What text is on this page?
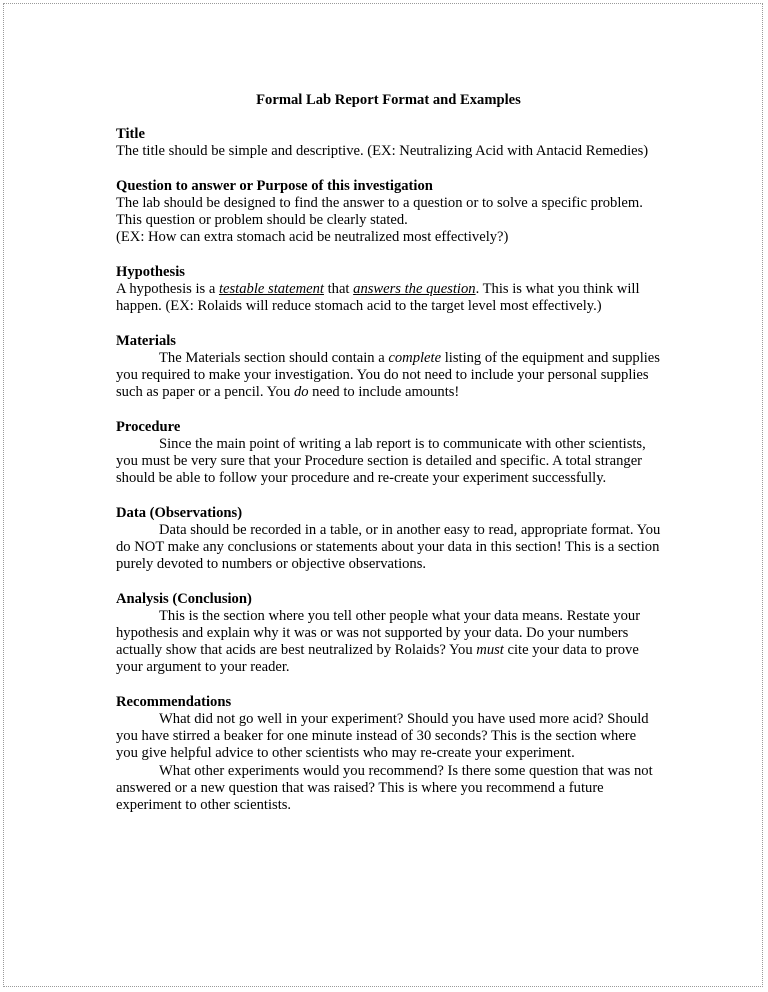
Formal Lab Report Format and Examples
Title

The title should be simple and descriptive. (EX: Neutralizing Acid with Antacid Remedies)

Question to answer or Purpose of this investigation

The lab should be designed to find the answer to a question or to solve a specific problem. This question or problem should be clearly stated.

(EX: How can extra stomach acid be neutralized most effectively?)

Hypothesis

A hypothesis is a testable statement that answers the question. This is what you think will happen. (EX: Rolaids will reduce stomach acid to the target level most effectively.)

Materials

The Materials section should contain a complete listing of the equipment and supplies you required to make your investigation. You do not need to include your personal supplies such as paper or a pencil. You do need to include amounts!

Procedure

Since the main point of writing a lab report is to communicate with other scientists, you must be very sure that your Procedure section is detailed and specific. A total stranger should be able to follow your procedure and re-create your experiment successfully.

Data (Observations)

Data should be recorded in a table, or in another easy to read, appropriate format. You do NOT make any conclusions or statements about your data in this section! This is a section purely devoted to numbers or objective observations.

Analysis (Conclusion)

This is the section where you tell other people what your data means. Restate your hypothesis and explain why it was or was not supported by your data. Do your numbers actually show that acids are best neutralized by Rolaids? You must cite your data to prove your argument to your reader.

Recommendations

What did not go well in your experiment? Should you have used more acid? Should you have stirred a beaker for one minute instead of 30 seconds? This is the section where you give helpful advice to other scientists who may re-create your experiment.

What other experiments would you recommend? Is there some question that was not answered or a new question that was raised? This is where you recommend a future experiment to other scientists.
